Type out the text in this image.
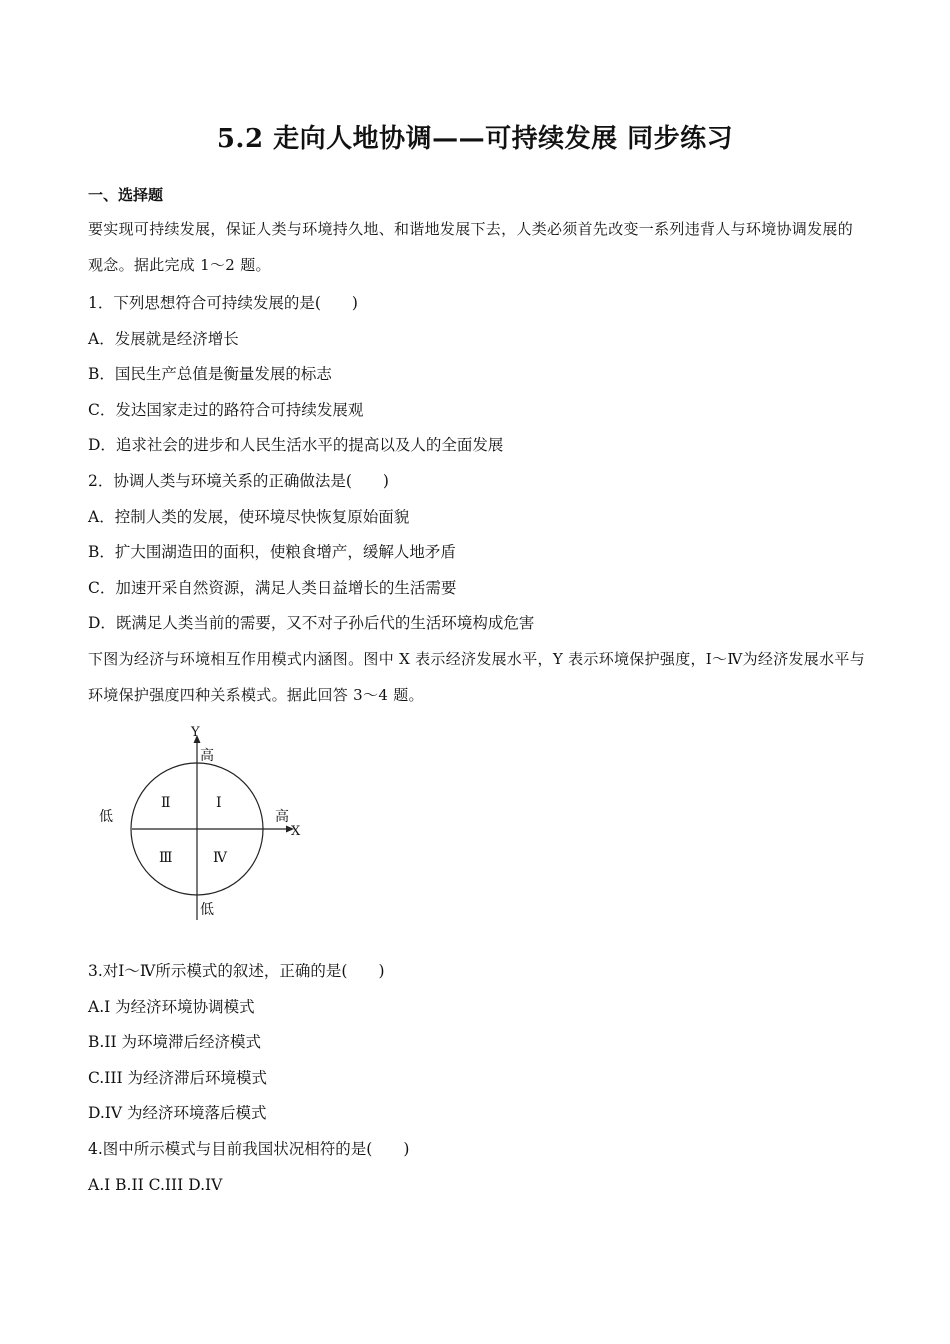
5.2 走向人地协调——可持续发展 同步练习
一、选择题
要实现可持续发展，保证人类与环境持久地、和谐地发展下去，人类必须首先改变一系列违背人与环境协调发展的观念。据此完成 1～2 题。
1．下列思想符合可持续发展的是(　　)
A．发展就是经济增长
B．国民生产总值是衡量发展的标志
C．发达国家走过的路符合可持续发展观
D．追求社会的进步和人民生活水平的提高以及人的全面发展
2．协调人类与环境关系的正确做法是(　　)
A．控制人类的发展，使环境尽快恢复原始面貌
B．扩大围湖造田的面积，使粮食增产，缓解人地矛盾
C．加速开采自然资源，满足人类日益增长的生活需要
D．既满足人类当前的需要，又不对子孙后代的生活环境构成危害
下图为经济与环境相互作用模式内涵图。图中 X 表示经济发展水平，Y 表示环境保护强度，Ⅰ～Ⅳ为经济发展水平与环境保护强度四种关系模式。据此回答 3～4 题。
Y
高
低
低	高
X
Ⅰ
Ⅱ
Ⅲ	Ⅳ
3.对Ⅰ～Ⅳ所示模式的叙述，正确的是(　　)
A.I 为经济环境协调模式
B.II 为环境滞后经济模式
C.III 为经济滞后环境模式
D.IV 为经济环境落后模式
4.图中所示模式与目前我国状况相符的是(　　)
A.I B.II C.III D.IV
